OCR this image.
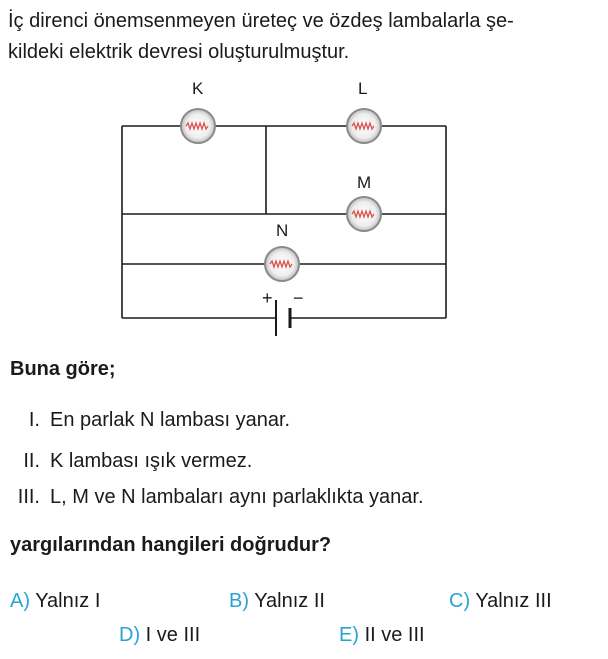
İç direnci önemsenmeyen üreteç ve özdeş lambalarla şe-
kildeki elektrik devresi oluşturulmuştur.
K	L
M
N
+ −
Buna göre;
I. En parlak N lambası yanar.
II. K lambası ışık vermez.
III. L, M ve N lambaları aynı parlaklıkta yanar.
yargılarından hangileri doğrudur?
A) Yalnız I	B) Yalnız II	C) Yalnız III
D) I ve III	E) II ve III
